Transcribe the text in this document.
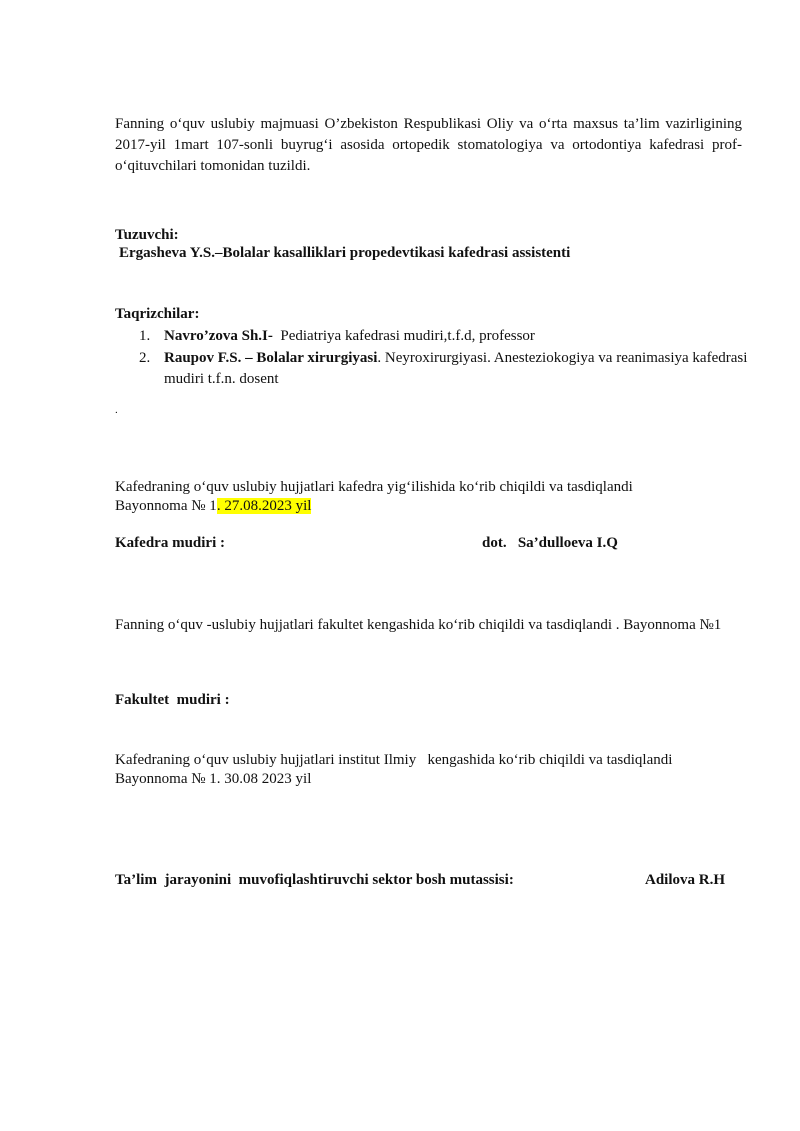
Fanning o‘quv uslubiy majmuasi O’zbekiston Respublikasi Oliy va o‘rta maxsus ta’lim vazirligining 2017-yil 1mart 107-sonli buyrug‘i asosida ortopedik stomatologiya va ortodontiya kafedrasi prof-o‘qituvchilari tomonidan tuzildi.

Tuzuvchi:
Ergasheva Y.S.–Bolalar kasalliklari propedevtikasi kafedrasi assistenti
Taqrizchilar:
1. Navro’zova Sh.I-  Pediatriya kafedrasi mudiri,t.f.d, professor
2. Raupov F.S. – Bolalar xirurgiyasi. Neyroxirurgiyasi. Anesteziokogiya va reanimasiya kafedrasi mudiri t.f.n. dosent
.
Kafedraning o‘quv uslubiy hujjatlari kafedra yig‘ilishida ko‘rib chiqildi va tasdiqlandi
Bayonnoma № 1. 27.08.2023 yil
Kafedra mudiri :	dot.   Sa’dulloeva I.Q
Fanning o‘quv -uslubiy hujjatlari fakultet kengashida ko‘rib chiqildi va tasdiqlandi . Bayonnoma №1
Fakultet  mudiri :
Kafedraning o‘quv uslubiy hujjatlari institut Ilmiy   kengashida ko‘rib chiqildi va tasdiqlandi
Bayonnoma № 1. 30.08 2023 yil
Ta’lim  jarayonini  muvofiqlashtiruvchi sektor bosh mutassisi:	Adilova R.H
